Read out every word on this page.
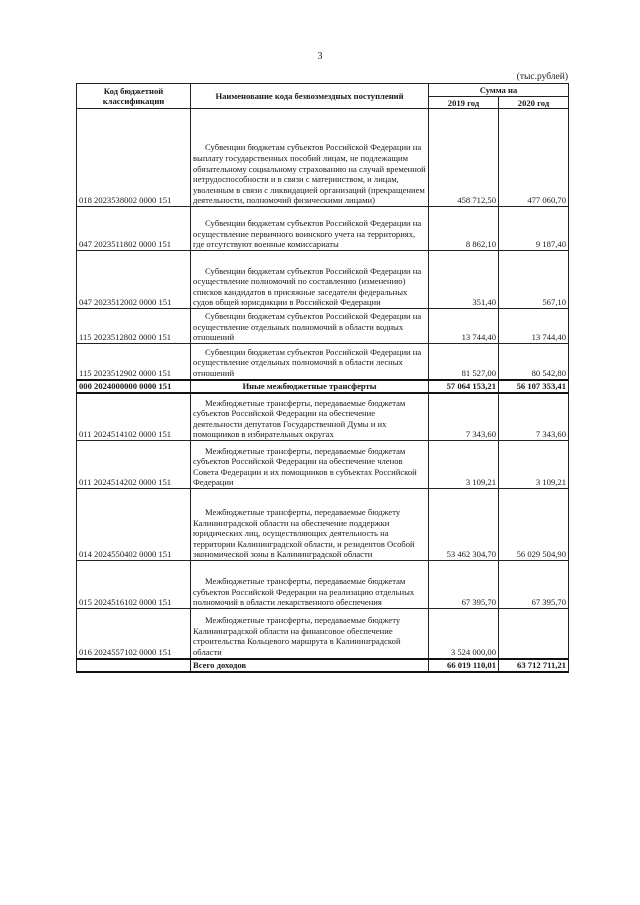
3
(тыс.рублей)
Код бюджетной классификации	Наименование кода безвозмездных поступлений	Сумма на	
		2019 год	2020 год
018 2023538002 0000 151	Субвенции бюджетам субъектов Российской Федерации на выплату государственных пособий лицам, не подлежащим обязательному социальному страхованию на случай временной нетрудоспособности и в связи с материнством, и лицам, уволенным в связи с ликвидацией организаций (прекращением деятельности, полномочий физическими лицами)	458 712,50	477 060,70
047 2023511802 0000 151	Субвенции бюджетам субъектов Российской Федерации на осуществление первичного воинского учета на территориях, где отсутствуют военные комиссариаты	8 862,10	9 187,40
047 2023512002 0000 151	Субвенции бюджетам субъектов Российской Федерации на осуществление полномочий по составлению (изменению) списков кандидатов в присяжные заседатели федеральных судов общей юрисдикции в Российской Федерации	351,40	567,10
115 2023512802 0000 151	Субвенции бюджетам субъектов Российской Федерации на осуществление отдельных полномочий в области водных отношений	13 744,40	13 744,40
115 2023512902 0000 151	Субвенции бюджетам субъектов Российской Федерации на осуществление отдельных полномочий в области лесных отношений	81 527,00	80 542,80
000 2024000000 0000 151	Иные межбюджетные трансферты	57 064 153,21	56 107 353,41
011 2024514102 0000 151	Межбюджетные трансферты, передаваемые бюджетам субъектов Российской Федерации на обеспечение деятельности депутатов Государственной Думы и их помощников в избирательных округах	7 343,60	7 343,60
011 2024514202 0000 151	Межбюджетные трансферты, передаваемые бюджетам субъектов Российской Федерации на обеспечение членов Совета Федерации и их помощников в субъектах Российской Федерации	3 109,21	3 109,21
014 2024550402 0000 151	Межбюджетные трансферты, передаваемые бюджету Калининградской области на обеспечение поддержки юридических лиц, осуществляющих деятельность на территории Калининградской области, и резидентов Особой экономической зоны в Калининградской области	53 462 304,70	56 029 504,90
015 2024516102 0000 151	Межбюджетные трансферты, передаваемые бюджетам субъектов Российской Федерации на реализацию отдельных полномочий в области лекарственного обеспечения	67 395,70	67 395,70
016 2024557102 0000 151	Межбюджетные трансферты, передаваемые бюджету Калининградской области на финансовое обеспечение строительства Кольцевого маршрута в Калининградской области	3 524 000,00	
	Всего доходов	66 019 110,01	63 712 711,21
